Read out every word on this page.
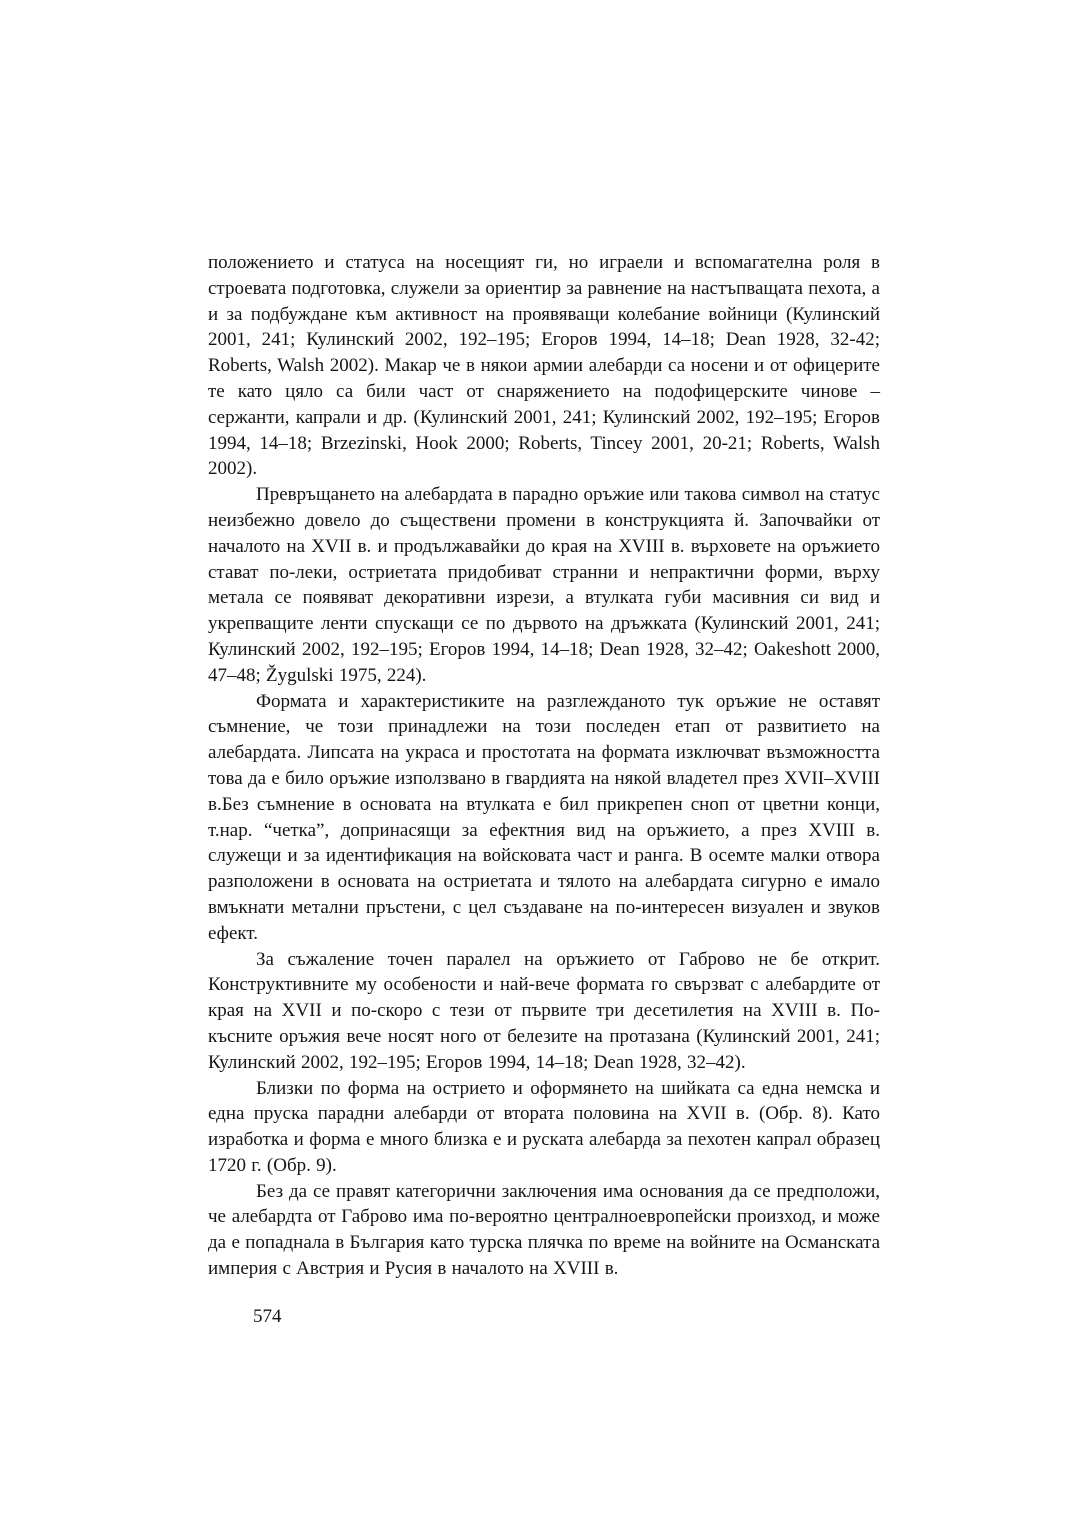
положението и статуса на носещият ги, но играели и вспомагателна роля в строевата подготовка, служели за ориентир за равнение на настъпващата пехота, а и за подбуждане към активност на проявяващи колебание войници (Кулинский 2001, 241; Кулинский 2002, 192–195; Егоров 1994, 14–18; Dean 1928, 32-42; Roberts, Walsh 2002). Макар че в някои армии алебарди са носени и от офицерите те като цяло са били част от снаряжението на подофицерските чинове – сержанти, капрали и др. (Кулинский 2001, 241; Кулинский 2002, 192–195; Егоров 1994, 14–18; Brzezinski, Hook 2000; Roberts, Tincey 2001, 20-21; Roberts, Walsh 2002).

Превръщането на алебардата в парадно оръжие или такова символ на статус неизбежно довело до съществени промени в конструкцията й. Започвайки от началото на XVII в. и продължавайки до края на XVIII в. върховете на оръжието стават по-леки, остриетата придобиват странни и непрактични форми, върху метала се появяват декоративни изрези, а втулката губи масивния си вид и укрепващите ленти спускащи се по дървото на дръжката (Кулинский 2001, 241; Кулинский 2002, 192–195; Егоров 1994, 14–18; Dean 1928, 32–42; Oakeshott 2000, 47–48; Žygulski 1975, 224).

Формата и характеристиките на разглежданото тук оръжие не оставят съмнение, че този принадлежи на този последен етап от развитието на алебардата. Липсата на украса и простотата на формата изключват възможността това да е било оръжие използвано в гвардията на някой владетел през XVII–XVIII в.Без съмнение в основата на втулката е бил прикрепен сноп от цветни конци, т.нар. “четка”, допринасящи за ефектния вид на оръжието, а през XVIII в. служещи и за идентификация на войсковата част и ранга. В осемте малки отвора разположени в основата на остриетата и тялото на алебардата сигурно е имало вмъкнати метални пръстени, с цел създаване на по-интересен визуален и звуков ефект.

За съжаление точен паралел на оръжието от Габрово не бе открит. Конструктивните му особености и най-вече формата го свързват с алебардите от края на XVII и по-скоро с тези от първите три десетилетия на XVIII в. По-късните оръжия вече носят ного от белезите на протазана (Кулинский 2001, 241; Кулинский 2002, 192–195; Егоров 1994, 14–18; Dean 1928, 32–42).

Близки по форма на острието и оформянето на шийката са една немска и една пруска парадни алебарди от втората половина на XVII в. (Обр. 8). Като изработка и форма е много близка е и руската алебарда за пехотен капрал образец 1720 г. (Обр. 9).

Без да се правят категорични заключения има основания да се предположи, че алебардта от Габрово има по-вероятно централноевропейски произход, и може да е попаднала в България като турска плячка по време на войните на Османската империя с Австрия и Русия в началото на XVIII в.

574
